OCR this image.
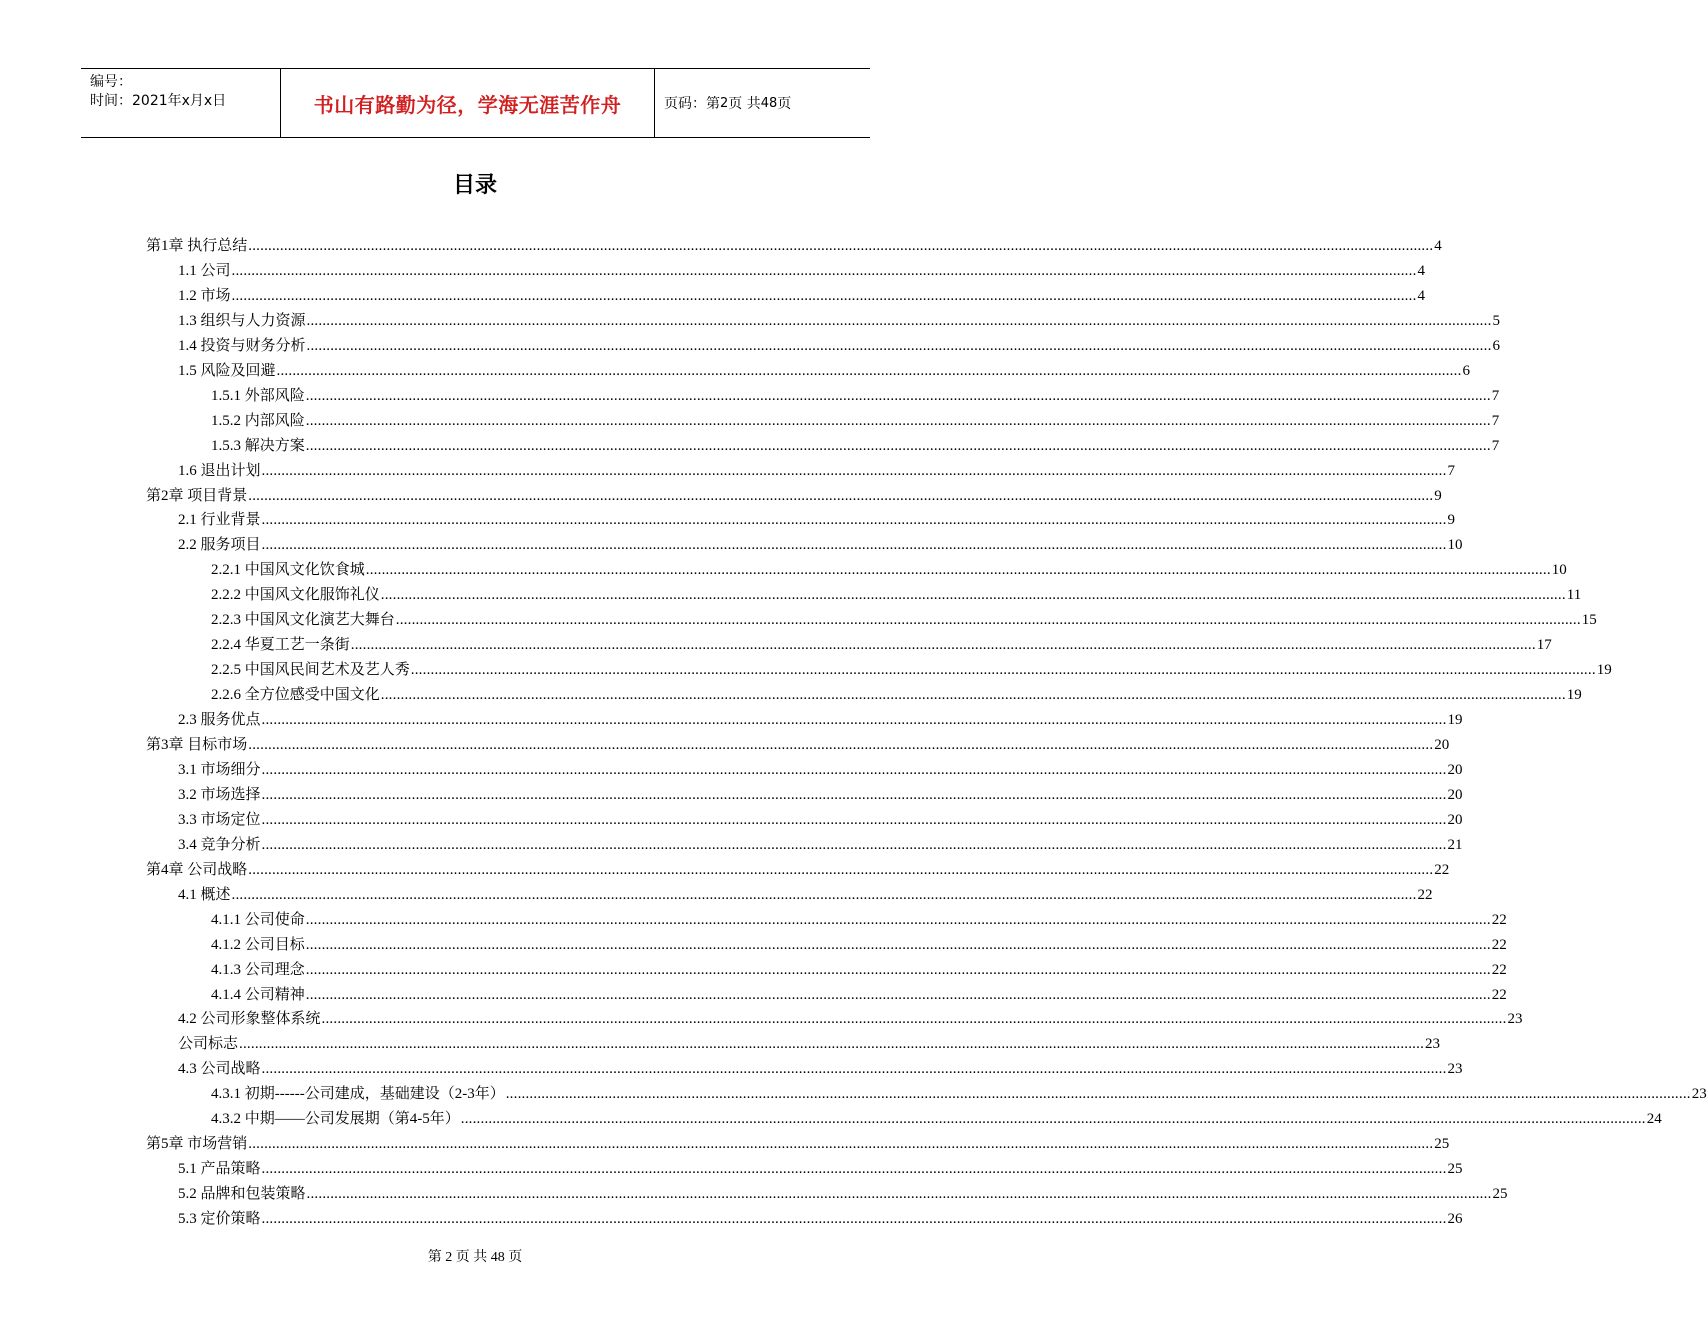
编号：
时间：2021年x月x日	书山有路勤为径，学海无涯苦作舟	页码：第 2 页 共 48 页
目录
第1章 执行总结 ............................................................................................................................................................................................................................................................................................................ 4
1.1 公司 ............................................................................................................................................................................................................................................................................................................ 4
1.2 市场 ............................................................................................................................................................................................................................................................................................................ 4
1.3 组织与人力资源 ............................................................................................................................................................................................................................................................................................................ 5
1.4 投资与财务分析 ............................................................................................................................................................................................................................................................................................................ 6
1.5 风险及回避 ............................................................................................................................................................................................................................................................................................................ 6
1.5.1 外部风险 ............................................................................................................................................................................................................................................................................................................ 7
1.5.2 内部风险 ............................................................................................................................................................................................................................................................................................................ 7
1.5.3 解决方案 ............................................................................................................................................................................................................................................................................................................ 7
1.6 退出计划 ............................................................................................................................................................................................................................................................................................................ 7
第2章 项目背景 ............................................................................................................................................................................................................................................................................................................ 9
2.1 行业背景 ............................................................................................................................................................................................................................................................................................................ 9
2.2 服务项目 ............................................................................................................................................................................................................................................................................................................ 10
2.2.1 中国风文化饮食城 ............................................................................................................................................................................................................................................................................................................ 10
2.2.2 中国风文化服饰礼仪 ............................................................................................................................................................................................................................................................................................................ 11
2.2.3 中国风文化演艺大舞台 ............................................................................................................................................................................................................................................................................................................ 15
2.2.4 华夏工艺一条街 ............................................................................................................................................................................................................................................................................................................ 17
2.2.5 中国风民间艺术及艺人秀 ............................................................................................................................................................................................................................................................................................................ 19
2.2.6 全方位感受中国文化 ............................................................................................................................................................................................................................................................................................................ 19
2.3 服务优点 ............................................................................................................................................................................................................................................................................................................ 19
第3章 目标市场 ............................................................................................................................................................................................................................................................................................................ 20
3.1 市场细分 ............................................................................................................................................................................................................................................................................................................ 20
3.2 市场选择 ............................................................................................................................................................................................................................................................................................................ 20
3.3 市场定位 ............................................................................................................................................................................................................................................................................................................ 20
3.4 竞争分析 ............................................................................................................................................................................................................................................................................................................ 21
第4章 公司战略 ............................................................................................................................................................................................................................................................................................................ 22
4.1 概述 ............................................................................................................................................................................................................................................................................................................ 22
4.1.1 公司使命 ............................................................................................................................................................................................................................................................................................................ 22
4.1.2 公司目标 ............................................................................................................................................................................................................................................................................................................ 22
4.1.3 公司理念 ............................................................................................................................................................................................................................................................................................................ 22
4.1.4 公司精神 ............................................................................................................................................................................................................................................................................................................ 22
4.2 公司形象整体系统 ............................................................................................................................................................................................................................................................................................................ 23
公司标志 ............................................................................................................................................................................................................................................................................................................ 23
4.3 公司战略 ............................................................................................................................................................................................................................................................................................................ 23
4.3.1 初期------公司建成，基础建设（2-3年） ............................................................................................................................................................................................................................................................................................................ 23
4.3.2 中期——公司发展期（第4-5年） ............................................................................................................................................................................................................................................................................................................ 24
第5章 市场营销 ............................................................................................................................................................................................................................................................................................................ 25
5.1 产品策略 ............................................................................................................................................................................................................................................................................................................ 25
5.2 品牌和包装策略 ............................................................................................................................................................................................................................................................................................................ 25
5.3 定价策略 ............................................................................................................................................................................................................................................................................................................ 26
第 2 页 共 48 页
